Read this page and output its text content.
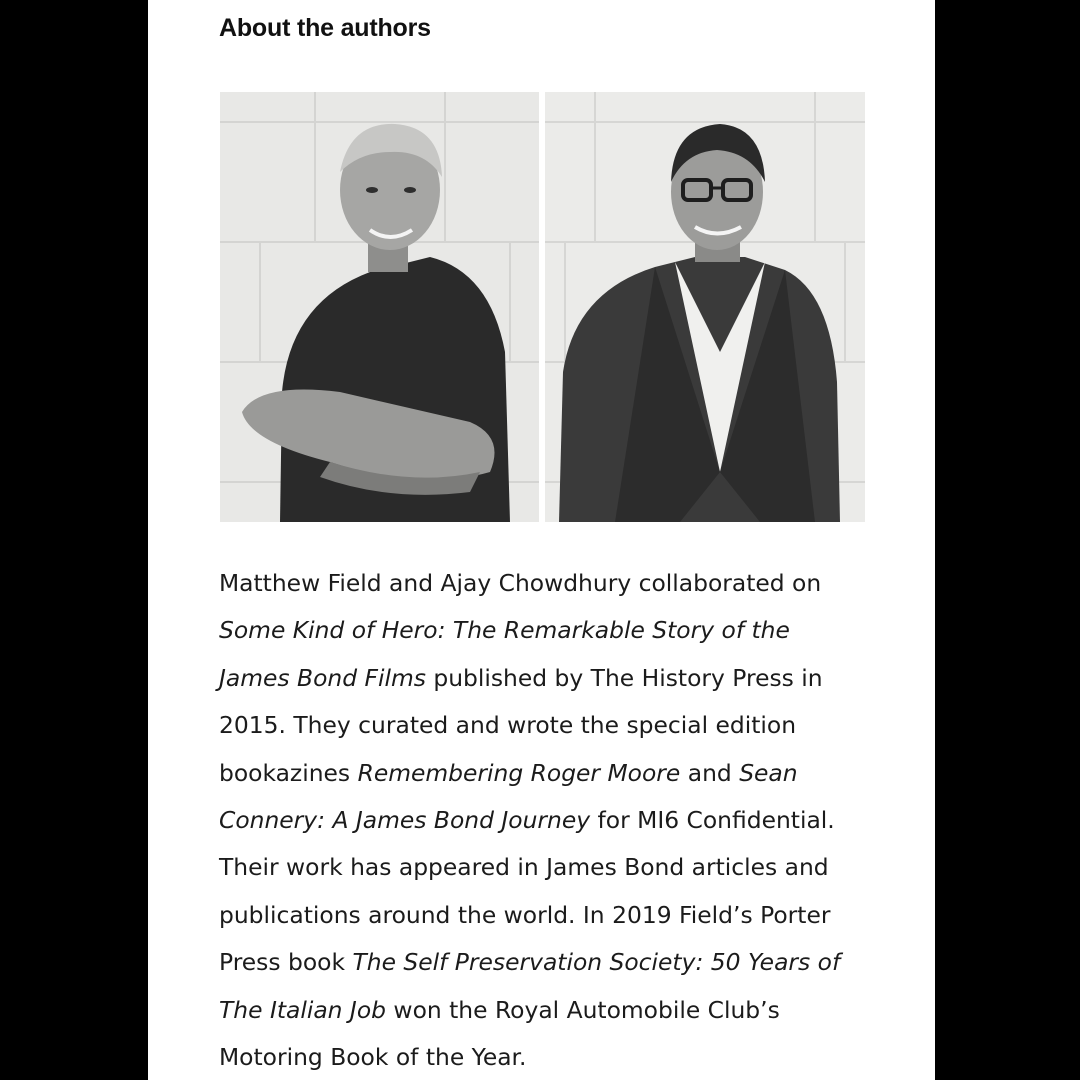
About the authors

Matthew Field and Ajay Chowdhury collaborated on
Some Kind of Hero: The Remarkable Story of the
James Bond Films published by The History Press in
2015. They curated and wrote the special edition
bookazines Remembering Roger Moore and Sean
Connery: A James Bond Journey for MI6 Confidential.
Their work has appeared in James Bond articles and
publications around the world. In 2019 Field’s Porter
Press book The Self Preservation Society: 50 Years of
The Italian Job won the Royal Automobile Club’s
Motoring Book of the Year.
